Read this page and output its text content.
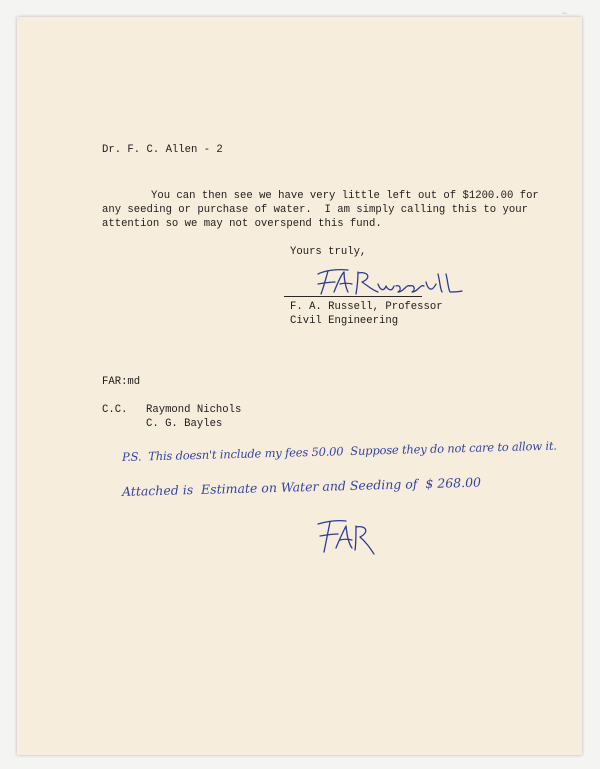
~

Dr. F. C. Allen - 2

You can then see we have very little left out of $1200.00 for

any seeding or purchase of water.  I am simply calling this to your

attention so we may not overspend this fund.

Yours truly,

F. A. Russell, Professor

Civil Engineering

FAR:md

C.C. Raymond Nichols

C. G. Bayles

P.S.  This doesn't include my fees 50.00  Suppose they do not care to allow it.
Attached is  Estimate on Water and Seeding of  $ 268.00
